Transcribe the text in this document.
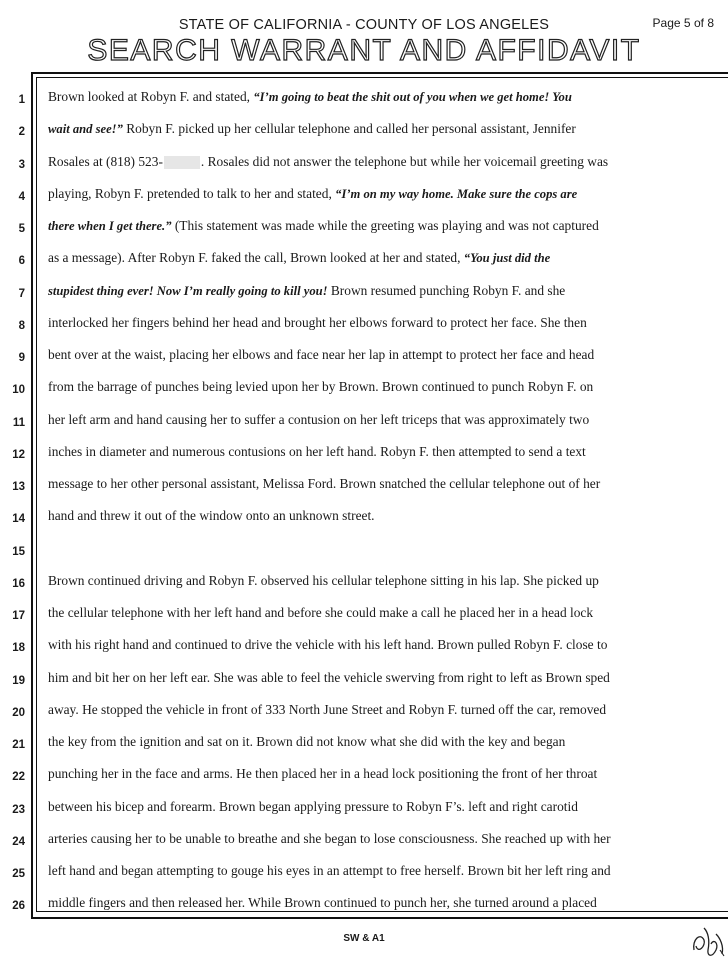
STATE OF CALIFORNIA - COUNTY OF LOS ANGELES
SEARCH WARRANT AND AFFIDAVIT
Page 5 of 8
1 Brown looked at Robyn F. and stated, “I’m going to beat the shit out of you when we get home! You
2 wait and see!” Robyn F. picked up her cellular telephone and called her personal assistant, Jennifer
3 Rosales at (818) 523-	. Rosales did not answer the telephone but while her voicemail greeting was
4 playing, Robyn F. pretended to talk to her and stated, “I’m on my way home. Make sure the cops are
5 there when I get there.” (This statement was made while the greeting was playing and was not captured
6 as a message). After Robyn F. faked the call, Brown looked at her and stated, “You just did the
7 stupidest thing ever! Now I’m really going to kill you! Brown resumed punching Robyn F. and she
8 interlocked her fingers behind her head and brought her elbows forward to protect her face. She then
9 bent over at the waist, placing her elbows and face near her lap in attempt to protect her face and head
10 from the barrage of punches being levied upon her by Brown. Brown continued to punch Robyn F. on
11 her left arm and hand causing her to suffer a contusion on her left triceps that was approximately two
12 inches in diameter and numerous contusions on her left hand. Robyn F. then attempted to send a text
13 message to her other personal assistant, Melissa Ford. Brown snatched the cellular telephone out of her
14 hand and threw it out of the window onto an unknown street.
15
16 Brown continued driving and Robyn F. observed his cellular telephone sitting in his lap. She picked up
17 the cellular telephone with her left hand and before she could make a call he placed her in a head lock
18 with his right hand and continued to drive the vehicle with his left hand. Brown pulled Robyn F. close to
19 him and bit her on her left ear. She was able to feel the vehicle swerving from right to left as Brown sped
20 away. He stopped the vehicle in front of 333 North June Street and Robyn F. turned off the car, removed
21 the key from the ignition and sat on it. Brown did not know what she did with the key and began
22 punching her in the face and arms. He then placed her in a head lock positioning the front of her throat
23 between his bicep and forearm. Brown began applying pressure to Robyn F’s. left and right carotid
24 arteries causing her to be unable to breathe and she began to lose consciousness. She reached up with her
25 left hand and began attempting to gouge his eyes in an attempt to free herself. Brown bit her left ring and
26 middle fingers and then released her. While Brown continued to punch her, she turned around a placed
SW & A1
